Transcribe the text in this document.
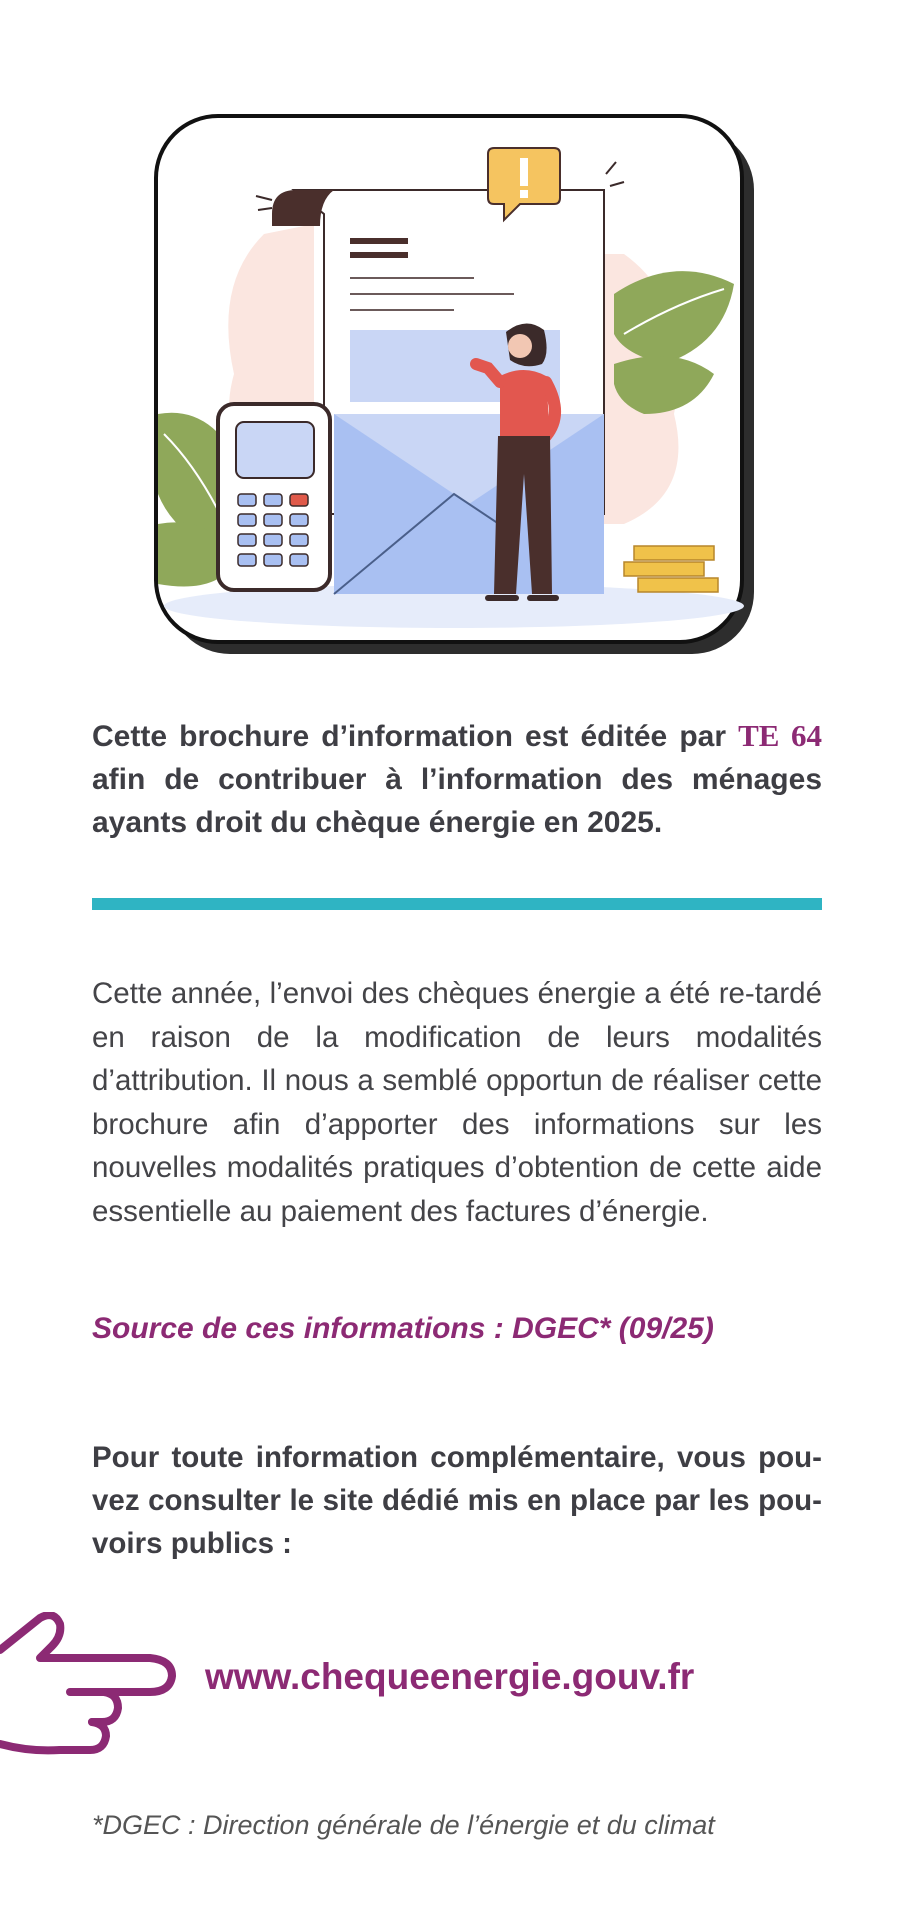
Cette brochure d’information est éditée par TE 64 afin de contribuer à l’information des ménages ayants droit du chèque énergie en 2025.
Cette année, l’envoi des chèques énergie a été re-tardé en raison de la modification de leurs modalités d’attribution. Il nous a semblé opportun de réaliser cette brochure afin d’apporter des informations sur les nouvelles modalités pratiques d’obtention de cette aide essentielle au paiement des factures d’énergie.
Source de ces informations : DGEC* (09/25)
Pour toute information complémentaire, vous pou-vez consulter le site dédié mis en place par les pou-voirs publics :
www.chequeenergie.gouv.fr
*DGEC : Direction générale de l’énergie et du climat
